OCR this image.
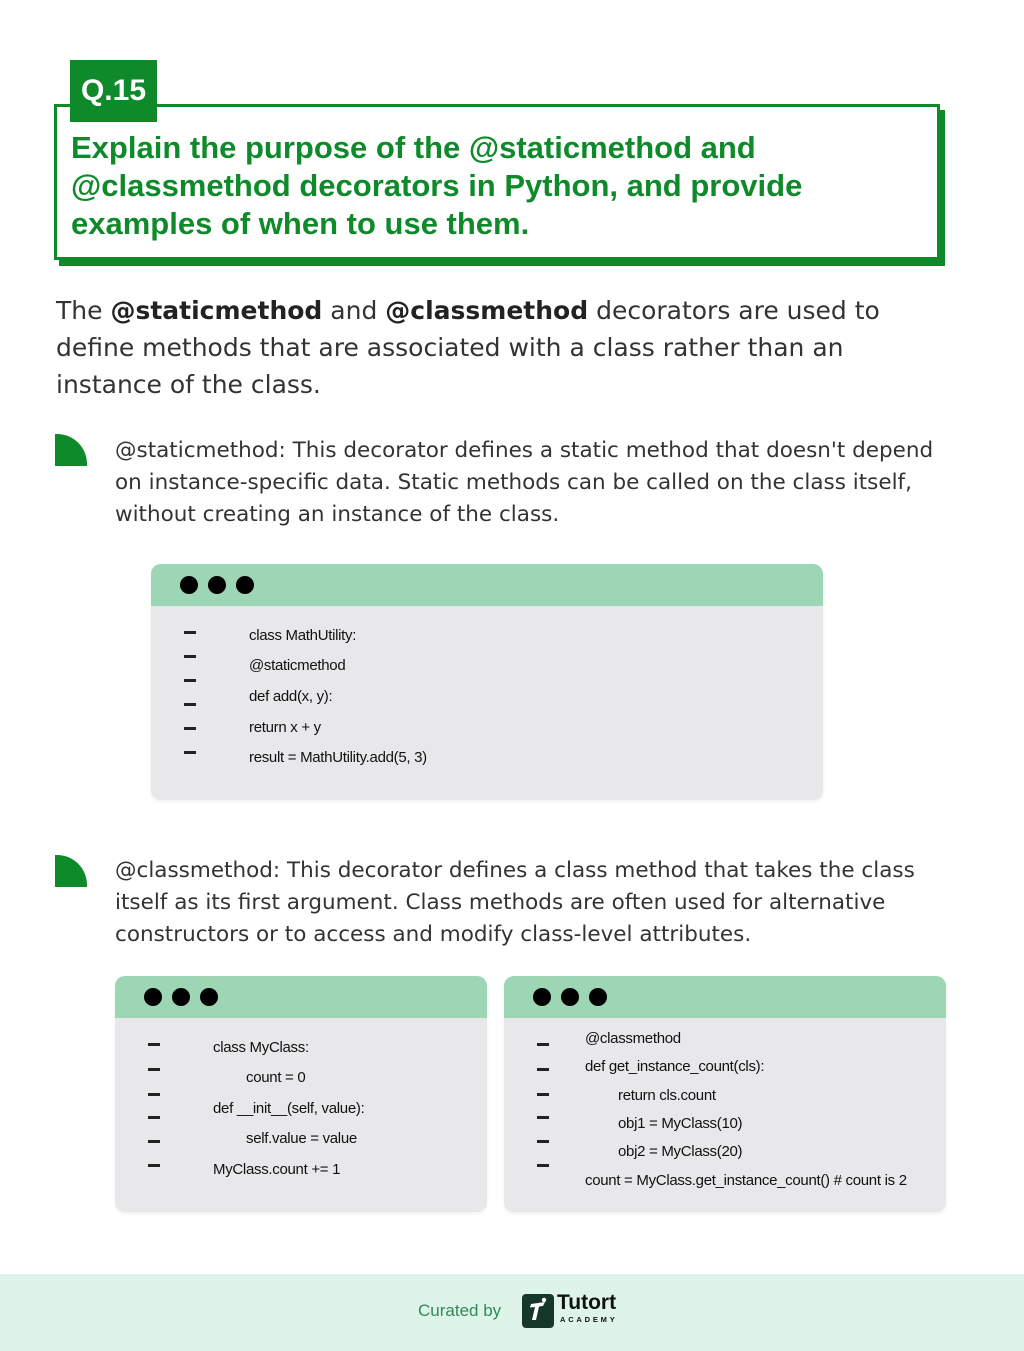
Q.15
Explain the purpose of the @staticmethod and @classmethod decorators in Python, and provide examples of when to use them.

The @staticmethod and @classmethod decorators are used to define methods that are associated with a class rather than an instance of the class.

@staticmethod: This decorator defines a static method that doesn't depend on instance-specific data. Static methods can be called on the class itself, without creating an instance of the class.

class MathUtility:
@staticmethod
def add(x, y):
return x + y
result = MathUtility.add(5, 3)

@classmethod: This decorator defines a class method that takes the class itself as its first argument. Class methods are often used for alternative constructors or to access and modify class-level attributes.

class MyClass:
count = 0
def __init__(self, value):
self.value = value
MyClass.count += 1
@classmethod
def get_instance_count(cls):
return cls.count
obj1 = MyClass(10)
obj2 = MyClass(20)
count = MyClass.get_instance_count() # count is 2
Curated by	Tutort
ACADEMY
